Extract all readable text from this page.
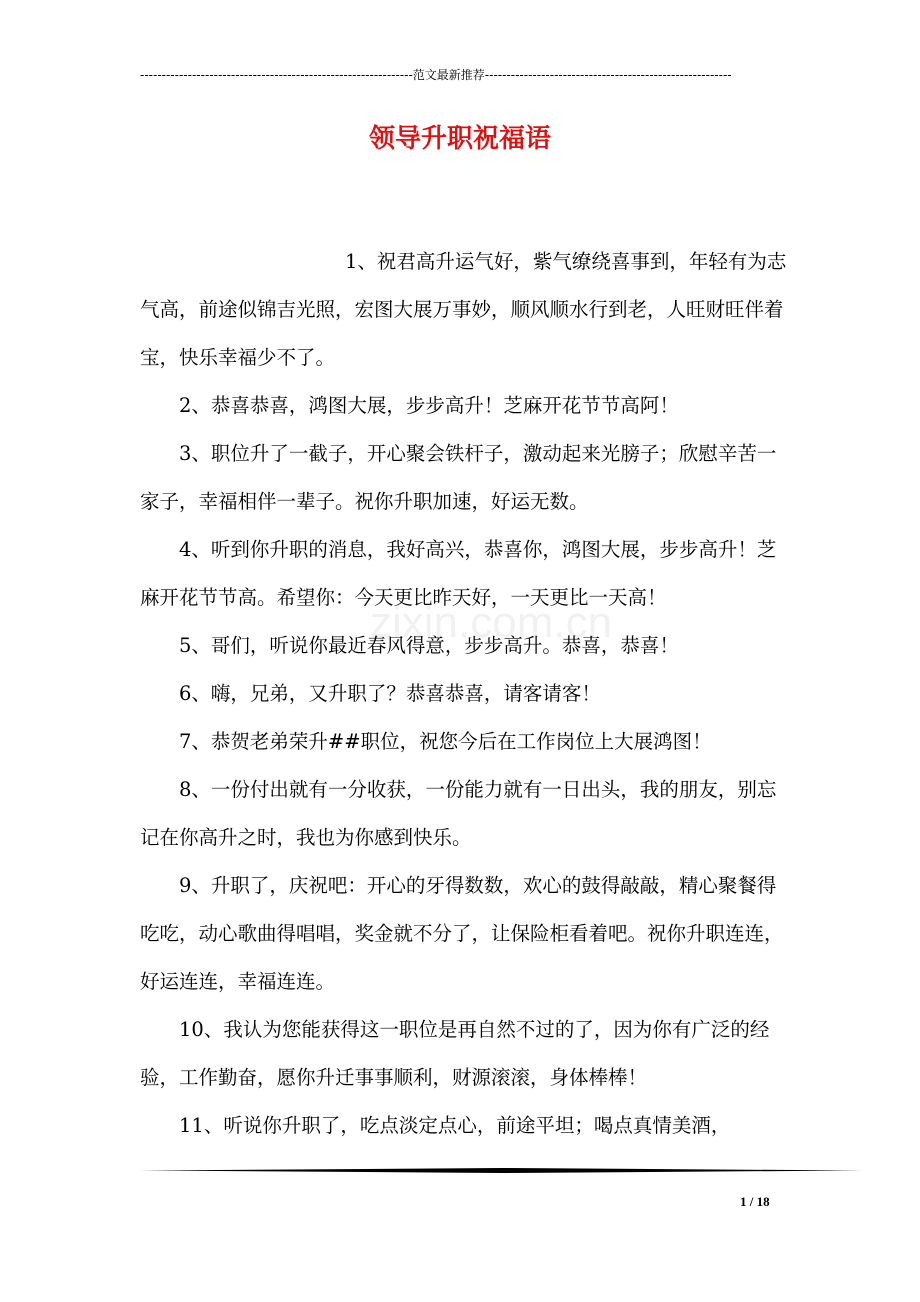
---------------------------------------------------------------范文最新推荐---------------------------------------------------------
领导升职祝福语
zixin.com.cn

1、祝君高升运气好，紫气缭绕喜事到，年轻有为志气高，前途似锦吉光照，宏图大展万事妙，顺风顺水行到老，人旺财旺伴着宝，快乐幸福少不了。

2、恭喜恭喜，鸿图大展，步步高升！芝麻开花节节高阿！

3、职位升了一截子，开心聚会铁杆子，激动起来光膀子；欣慰辛苦一家子，幸福相伴一辈子。祝你升职加速，好运无数。

4、听到你升职的消息，我好高兴，恭喜你，鸿图大展，步步高升！芝麻开花节节高。希望你：今天更比昨天好，一天更比一天高！

5、哥们，听说你最近春风得意，步步高升。恭喜，恭喜！

6、嗨，兄弟，又升职了？恭喜恭喜，请客请客！

7、恭贺老弟荣升##职位，祝您今后在工作岗位上大展鸿图！

8、一份付出就有一分收获，一份能力就有一日出头，我的朋友，别忘记在你高升之时，我也为你感到快乐。

9、升职了，庆祝吧：开心的牙得数数，欢心的鼓得敲敲，精心聚餐得吃吃，动心歌曲得唱唱，奖金就不分了，让保险柜看着吧。祝你升职连连，好运连连，幸福连连。

10、我认为您能获得这一职位是再自然不过的了，因为你有广泛的经验，工作勤奋，愿你升迁事事顺利，财源滚滚，身体棒棒！

11、听说你升职了，吃点淡定点心，前途平坦；喝点真情美酒，

1 / 18
